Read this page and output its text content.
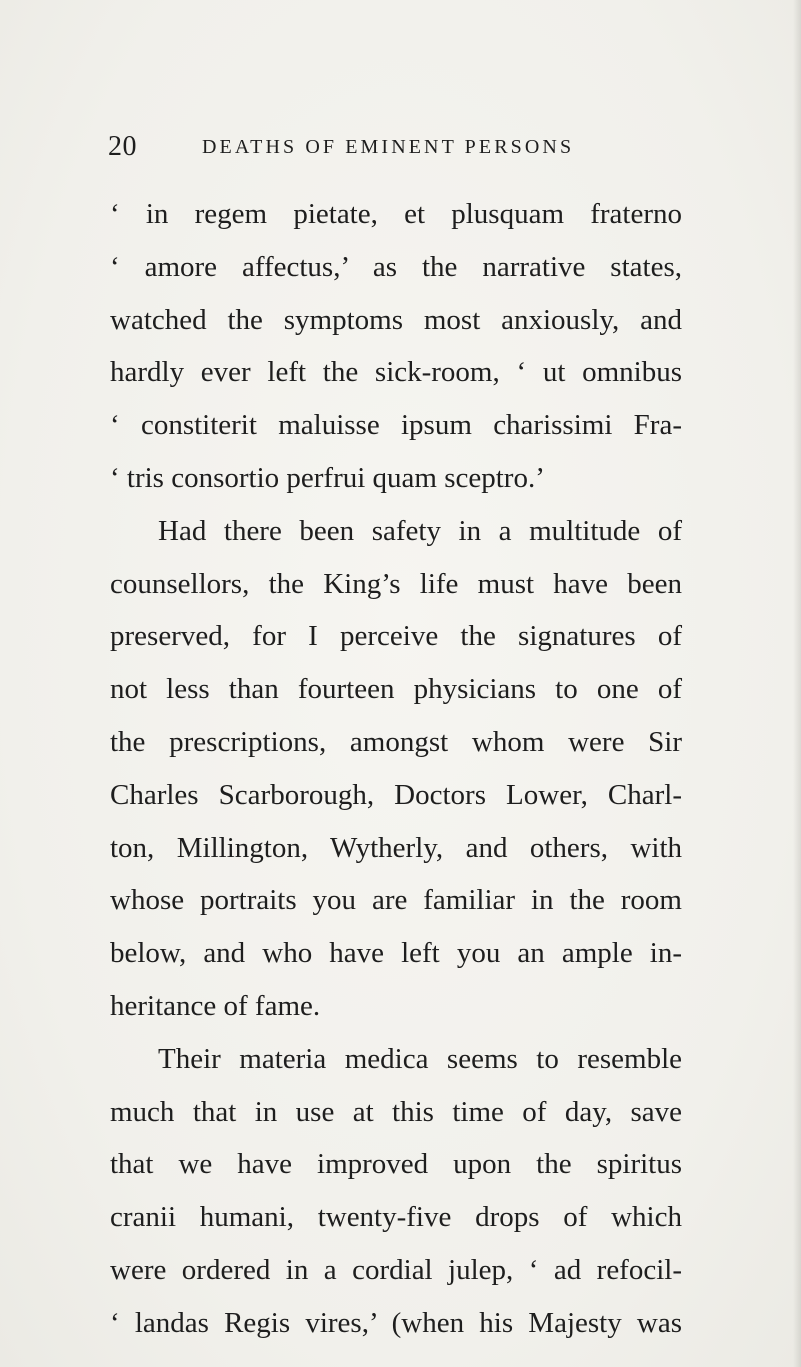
20	DEATHS OF EMINENT PERSONS
‘ in regem pietate, et plusquam fraterno
‘ amore affectus,’ as the narrative states,
watched the symptoms most anxiously, and
hardly ever left the sick-room, ‘ ut omnibus
‘ constiterit maluisse ipsum charissimi Fra-
‘ tris consortio perfrui quam sceptro.’
Had there been safety in a multitude of
counsellors, the King’s life must have been
preserved, for I perceive the signatures of
not less than fourteen physicians to one of
the prescriptions, amongst whom were Sir
Charles Scarborough, Doctors Lower, Charl-
ton, Millington, Wytherly, and others, with
whose portraits you are familiar in the room
below, and who have left you an ample in-
heritance of fame.
Their materia medica seems to resemble
much that in use at this time of day, save
that we have improved upon the spiritus
cranii humani, twenty-five drops of which
were ordered in a cordial julep, ‘ ad refocil-
‘ landas Regis vires,’ (when his Majesty was
